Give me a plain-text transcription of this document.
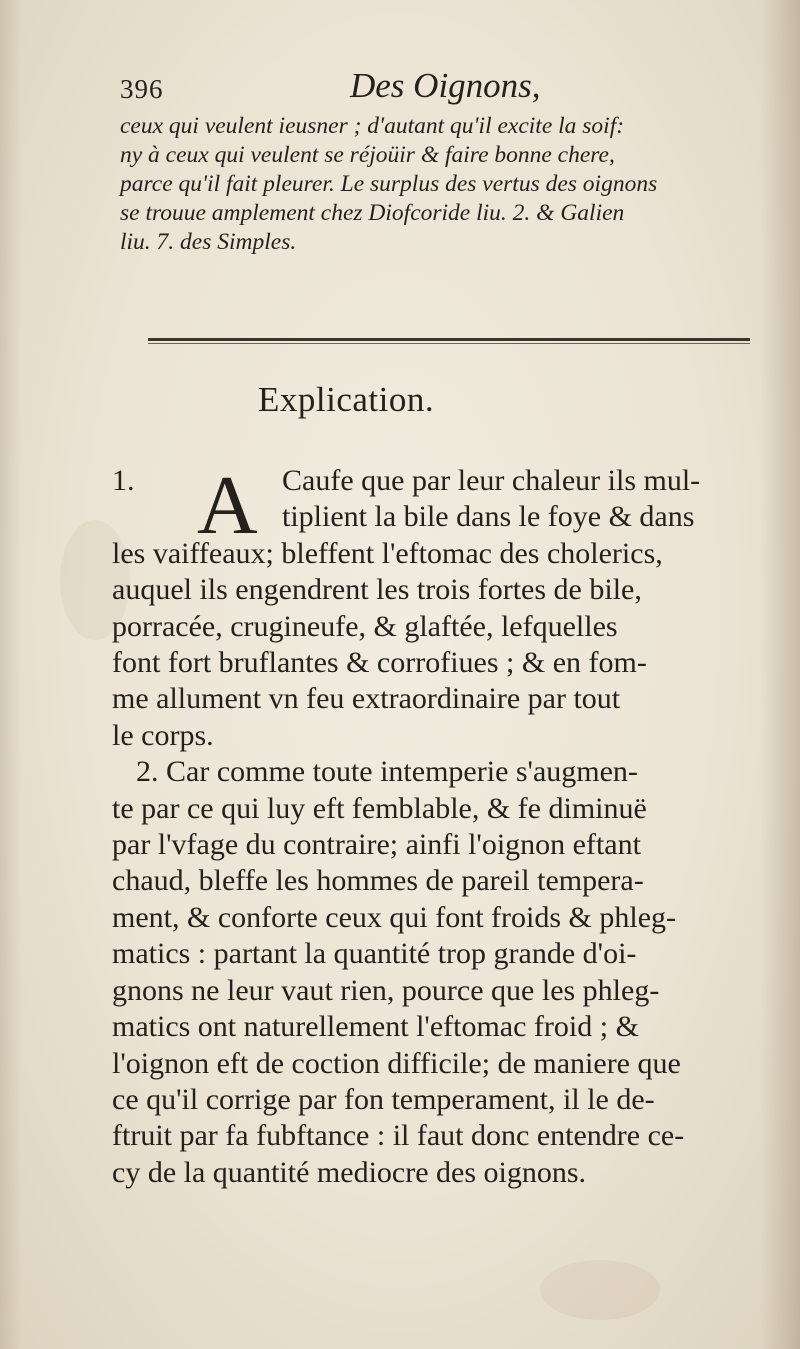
396	Des Oignons,
ceux qui veulent ieusner ; d'autant qu'il excite la soif:
ny à ceux qui veulent se réjoüir & faire bonne chere,
parce qu'il fait pleurer. Le surplus des vertus des oignons
se trouue amplement chez Diofcoride liu. 2. & Galien
liu. 7. des Simples.
Explication.
A
1.	Caufe que par leur chaleur ils mul-
tiplient la bile dans le foye & dans
les vaiffeaux; bleffent l'eftomac des cholerics,
auquel ils engendrent les trois fortes de bile,
porracée, crugineufe, & glaftée, lefquelles
font fort bruflantes & corrofiues ; & en fom-
me allument vn feu extraordinaire par tout
le corps.
2. Car comme toute intemperie s'augmen-
te par ce qui luy eft femblable, & fe diminuë
par l'vfage du contraire; ainfi l'oignon eftant
chaud, bleffe les hommes de pareil tempera-
ment, & conforte ceux qui font froids & phleg-
matics : partant la quantité trop grande d'oi-
gnons ne leur vaut rien, pource que les phleg-
matics ont naturellement l'eftomac froid ; &
l'oignon eft de coction difficile; de maniere que
ce qu'il corrige par fon temperament, il le de-
ftruit par fa fubftance : il faut donc entendre ce-
cy de la quantité mediocre des oignons.
